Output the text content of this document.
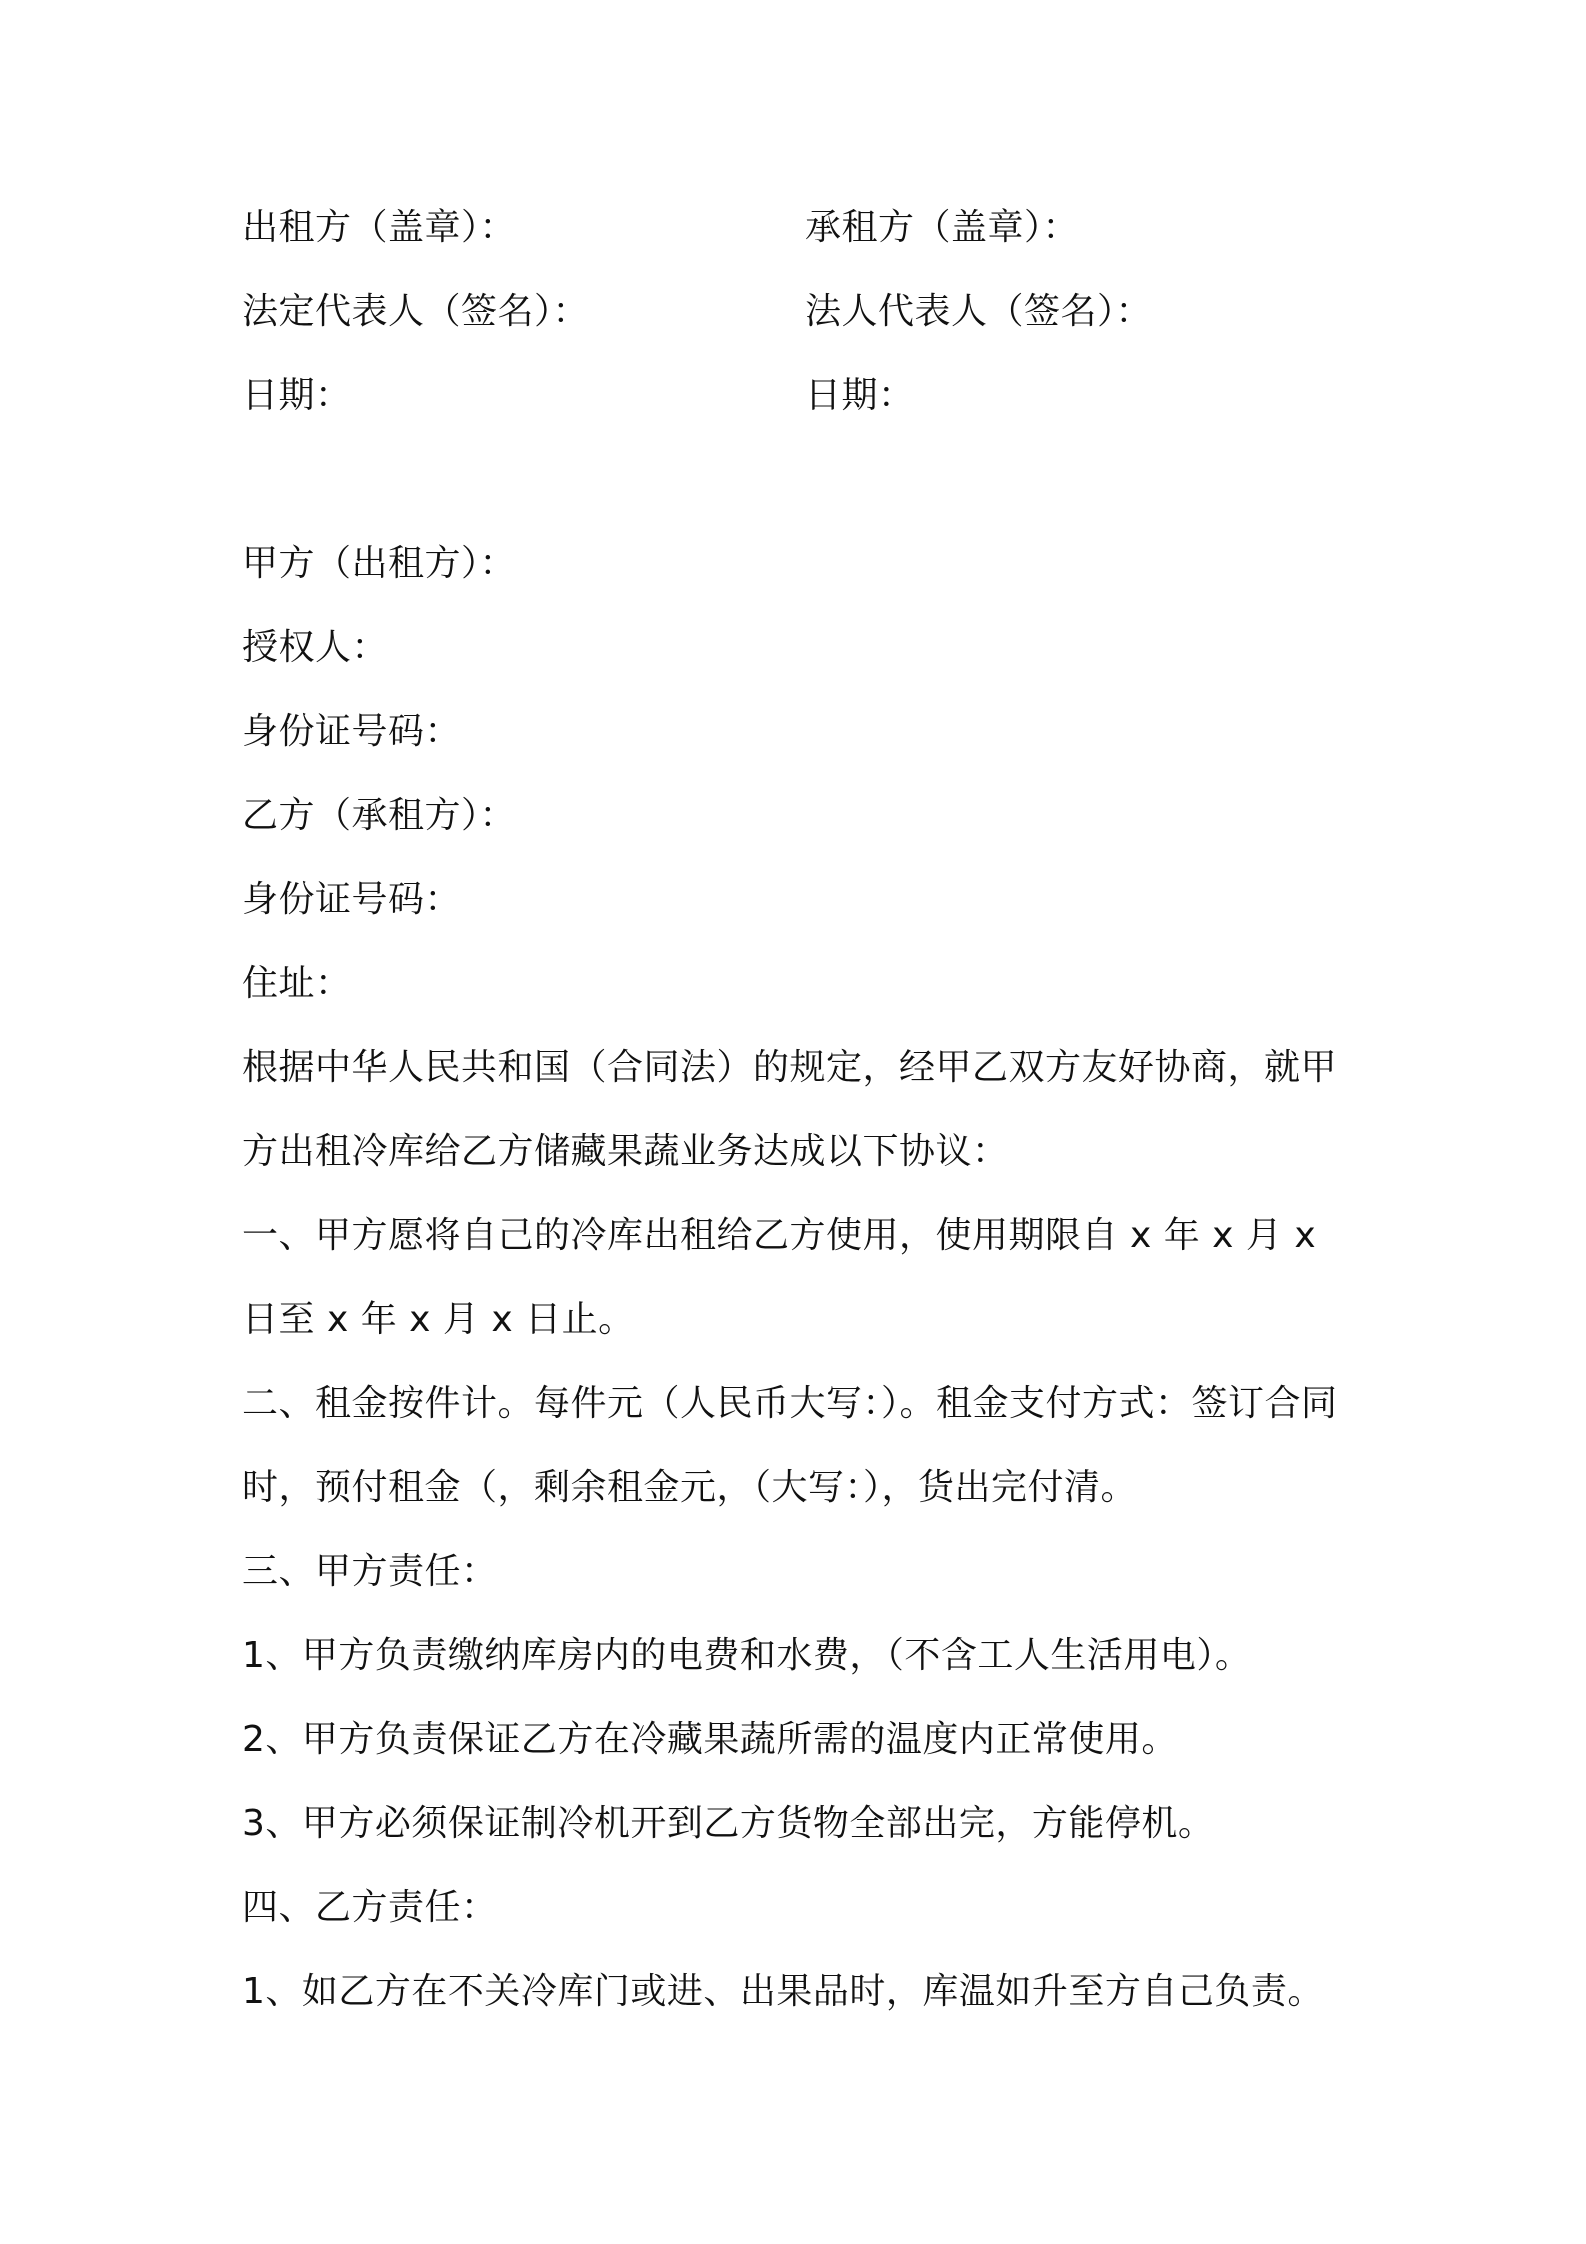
出租方（盖章）：	承租方（盖章）：
法定代表人（签名）：	法人代表人（签名）：
日期：	日期：
甲方（出租方）：
授权人：
身份证号码：
乙方（承租方）：
身份证号码：
住址：
根据中华人民共和国（合同法）的规定，经甲乙双方友好协商，就甲
方出租冷库给乙方储藏果蔬业务达成以下协议：
一、甲方愿将自己的冷库出租给乙方使用，使用期限自 x 年 x 月 x
日至 x 年 x 月 x 日止。
二、租金按件计。每件元（人民币大写：）。租金支付方式：签订合同
时，预付租金（，剩余租金元，（大写：），货出完付清。
三、甲方责任：
1、甲方负责缴纳库房内的电费和水费，（不含工人生活用电）。
2、甲方负责保证乙方在冷藏果蔬所需的温度内正常使用。
3、甲方必须保证制冷机开到乙方货物全部出完，方能停机。
四、乙方责任：
1、如乙方在不关冷库门或进、出果品时，库温如升至方自己负责。
